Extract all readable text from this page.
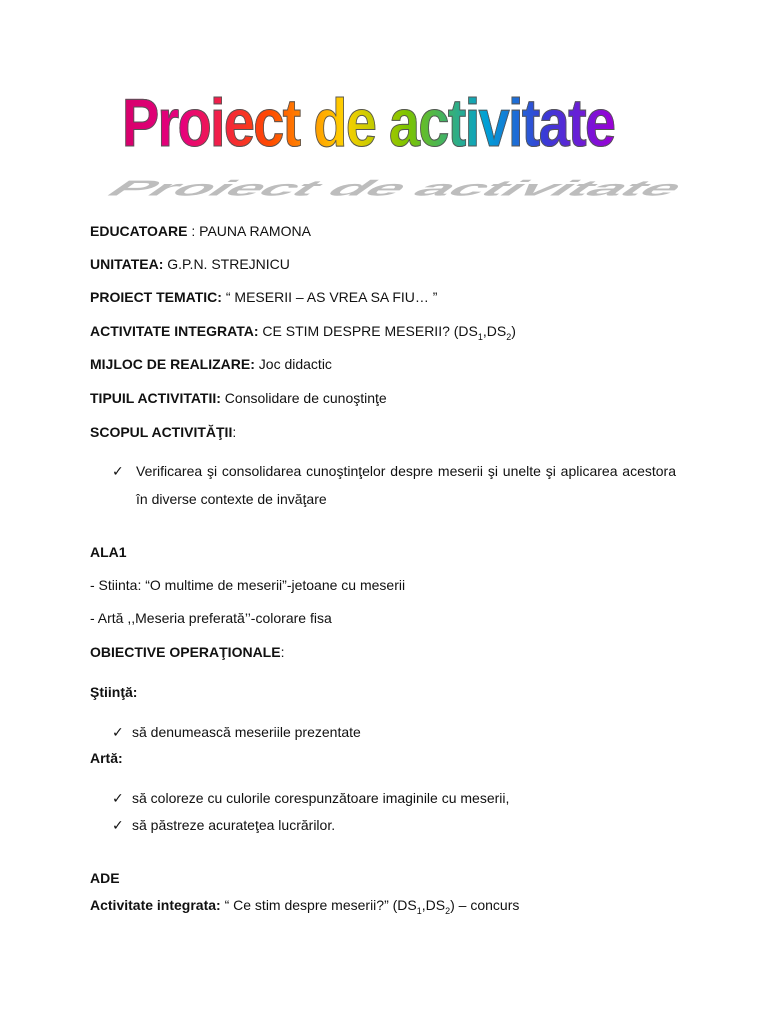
Proiect de activitate
Proiect de activitate
EDUCATOARE : PAUNA RAMONA
UNITATEA: G.P.N. STREJNICU
PROIECT TEMATIC: “ MESERII – AS VREA SA FIU… ”
ACTIVITATE INTEGRATA: CE STIM DESPRE MESERII? $(DS_1,DS_2)$
MIJLOC DE REALIZARE: Joc didactic
TIPUIL ACTIVITATII: Consolidare de cunoştinţe
SCOPUL ACTIVITĂŢII:
✓ Verificarea şi consolidarea cunoştinţelor despre meserii şi unelte şi aplicarea acestora în diverse contexte de invăţare
ALA1
- Stiinta: “O multime de meserii”-jetoane cu meserii
- Artă ,,Meseria preferată’’-colorare fisa
OBIECTIVE OPERAŢIONALE:
Ştiinţă:
✓ să denumească meseriile prezentate
Artă:
✓ să coloreze cu culorile corespunzătoare imaginile cu meserii,
✓ să păstreze acurateţea lucrărilor.
ADE
Activitate integrata: “ Ce stim despre meserii?” $(DS_1,DS_2)$ – concurs
